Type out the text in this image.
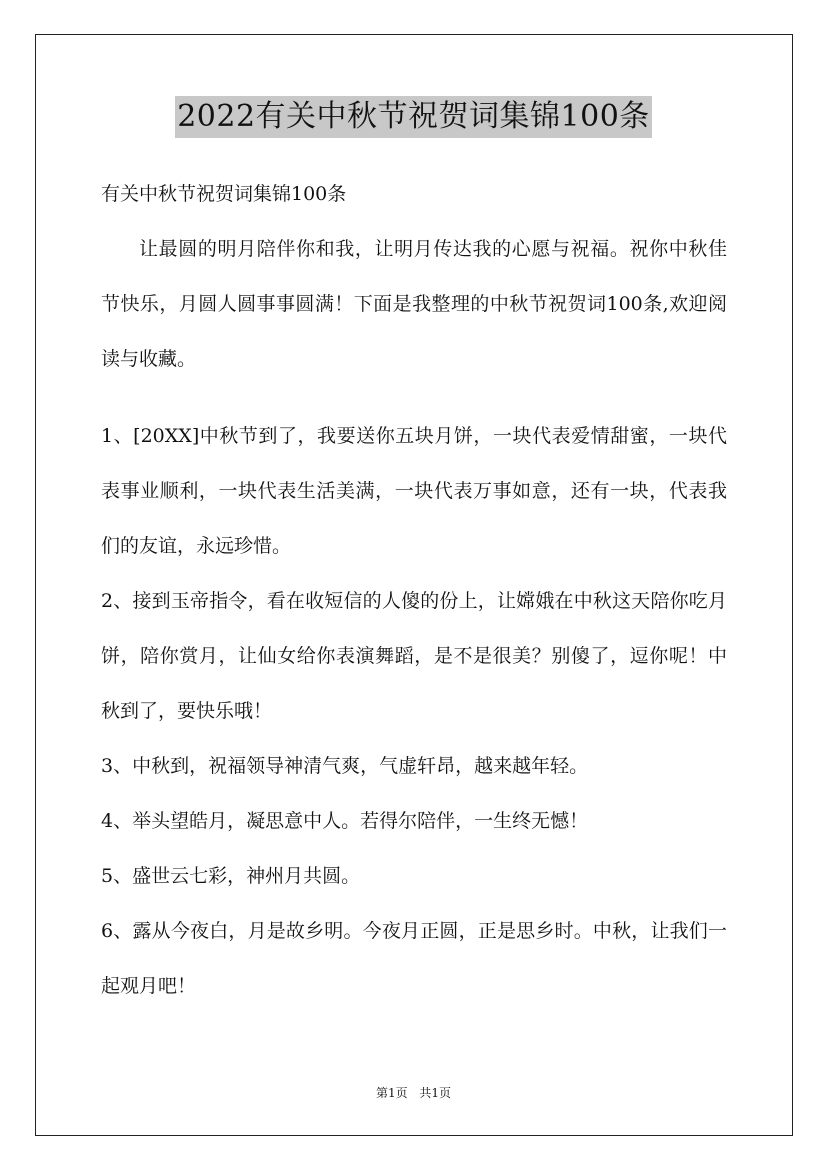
2022有关中秋节祝贺词集锦100条
有关中秋节祝贺词集锦100条
让最圆的明月陪伴你和我，让明月传达我的心愿与祝福。祝你中秋佳节快乐，月圆人圆事事圆满！下面是我整理的中秋节祝贺词100条,欢迎阅读与收藏。

1、[20XX]中秋节到了，我要送你五块月饼，一块代表爱情甜蜜，一块代表事业顺利，一块代表生活美满，一块代表万事如意，还有一块，代表我们的友谊，永远珍惜。

2、接到玉帝指令，看在收短信的人傻的份上，让嫦娥在中秋这天陪你吃月饼，陪你赏月，让仙女给你表演舞蹈，是不是很美？别傻了，逗你呢！中秋到了，要快乐哦！

3、中秋到，祝福领导神清气爽，气虚轩昂，越来越年轻。

4、举头望皓月，凝思意中人。若得尔陪伴，一生终无憾！

5、盛世云七彩，神州月共圆。

6、露从今夜白，月是故乡明。今夜月正圆，正是思乡时。中秋，让我们一起观月吧！

第1页 共1页
